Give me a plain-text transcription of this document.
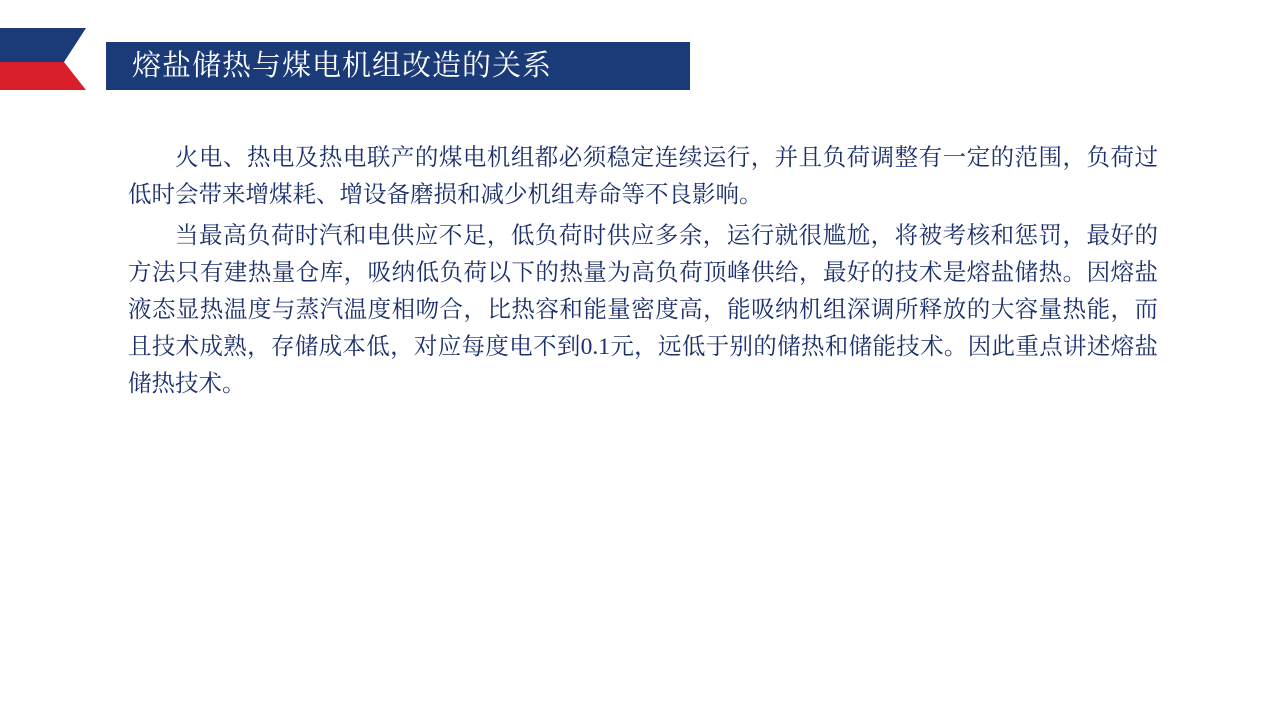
熔盐储热与煤电机组改造的关系

火电、热电及热电联产的煤电机组都必须稳定连续运行，并且负荷调整有一定的范围，负荷过低时会带来增煤耗、增设备磨损和减少机组寿命等不良影响。

当最高负荷时汽和电供应不足，低负荷时供应多余，运行就很尴尬，将被考核和惩罚，最好的方法只有建热量仓库，吸纳低负荷以下的热量为高负荷顶峰供给，最好的技术是熔盐储热。因熔盐液态显热温度与蒸汽温度相吻合，比热容和能量密度高，能吸纳机组深调所释放的大容量热能，而且技术成熟，存储成本低，对应每度电不到0.1元，远低于别的储热和储能技术。因此重点讲述熔盐储热技术。
